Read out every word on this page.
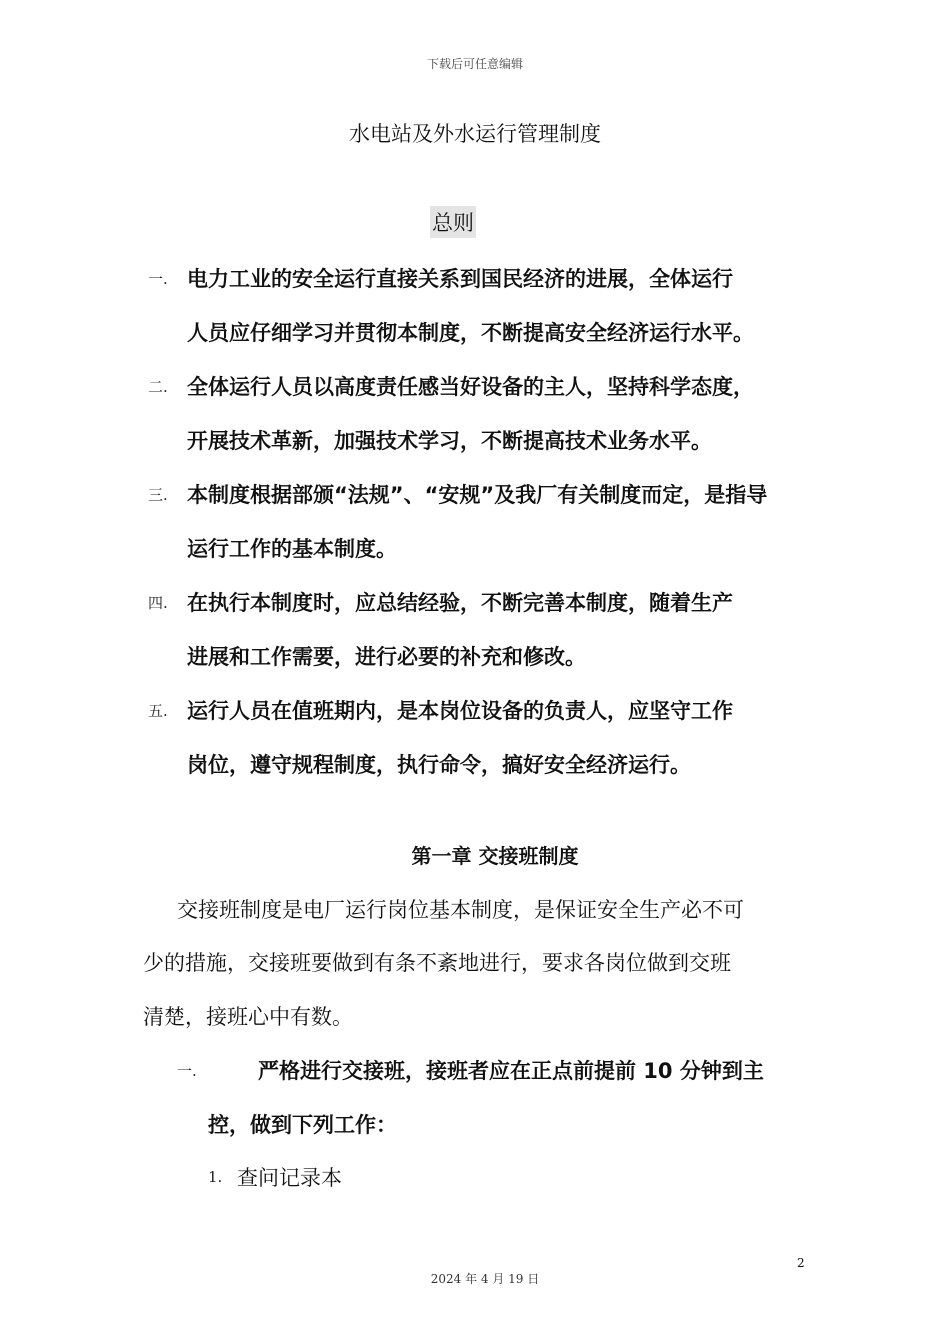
下载后可任意编辑
水电站及外水运行管理制度
总则
一. 电力工业的安全运行直接关系到国民经济的进展，全体运行
人员应仔细学习并贯彻本制度，不断提高安全经济运行水平。
二. 全体运行人员以高度责任感当好设备的主人，坚持科学态度，
开展技术革新，加强技术学习，不断提高技术业务水平。
三. 本制度根据部颁“法规”、“安规”及我厂有关制度而定，是指导
运行工作的基本制度。
四. 在执行本制度时，应总结经验，不断完善本制度，随着生产
进展和工作需要，进行必要的补充和修改。
五. 运行人员在值班期内，是本岗位设备的负责人，应坚守工作
岗位，遵守规程制度，执行命令，搞好安全经济运行。
第一章 交接班制度
交接班制度是电厂运行岗位基本制度，是保证安全生产必不可
少的措施，交接班要做到有条不紊地进行，要求各岗位做到交班
清楚，接班心中有数。
一.	严格进行交接班，接班者应在正点前提前 10 分钟到主
控，做到下列工作：
1. 查问记录本
2
2024 年 4 月 19 日
